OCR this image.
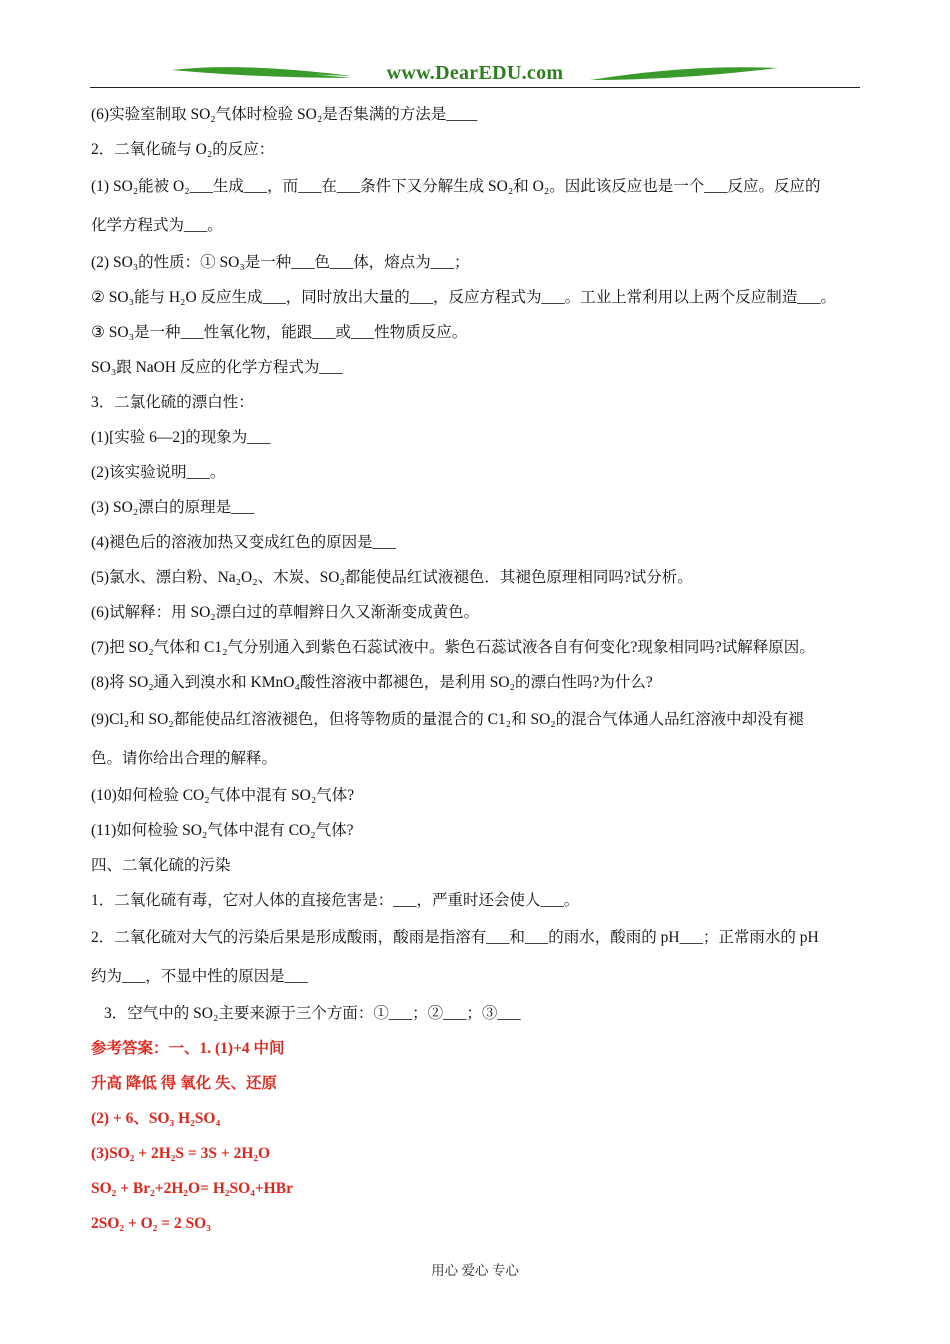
www.DearEDU.com
(6)实验室制取 SO₂气体时检验 SO₂是否集满的方法是____
2．二氧化硫与 O₂的反应：
(1) SO₂能被 O₂___生成___，而___在___条件下又分解生成 SO₂和 O₂。因此该反应也是一个___反应。反应的
化学方程式为___。
(2) SO₃的性质：① SO₃是一种___色___体，熔点为___；
② SO₃能与 H₂O 反应生成___，同时放出大量的___，反应方程式为___。工业上常利用以上两个反应制造___。
③ SO₃是一种___性氧化物，能跟___或___性物质反应。
SO₃跟 NaOH 反应的化学方程式为___
3．二氯化硫的漂白性：
(1)[实验 6—2]的现象为___
(2)该实验说明___。
(3) SO₂漂白的原理是___
(4)褪色后的溶液加热又变成红色的原因是___
(5)氯水、漂白粉、Na₂O₂、木炭、SO₂都能使品红试液褪色．其褪色原理相同吗?试分析。
(6)试解释：用 SO₂漂白过的草帽辫日久又渐渐变成黄色。
(7)把 SO₂气体和 C1₂气分别通入到紫色石蕊试液中。紫色石蕊试液各自有何变化?现象相同吗?试解释原因。
(8)将 SO₂通入到溴水和 KMnO₄酸性溶液中都褪色，是利用 SO₂的漂白性吗?为什么?
(9)Cl₂和 SO₂都能使品红溶液褪色，但将等物质的量混合的 C1₂和 SO₂的混合气体通人品红溶液中却没有褪
色。请你给出合理的解释。
(10)如何检验 CO₂气体中混有 SO₂气体?
(11)如何检验 SO₂气体中混有 CO₂气体?
四、二氧化硫的污染
1．二氧化硫有毒，它对人体的直接危害是：___，严重时还会使人___。
2．二氧化硫对大气的污染后果是形成酸雨，酸雨是指溶有___和___的雨水，酸雨的 pH___；正常雨水的 pH
约为___，不显中性的原因是___
3．空气中的 SO₂主要来源于三个方面：①___；②___；③___
参考答案：一、1. (1)+4 中间
升高 降低 得 氧化 失、还原
(2) + 6、SO₃ H₂SO₄
(3)SO₂ + 2H₂S = 3S + 2H₂O
SO₂ + Br₂+2H₂O= H₂SO₄+HBr
2SO₂ + O₂ = 2 SO₃
用心 爱心 专心
